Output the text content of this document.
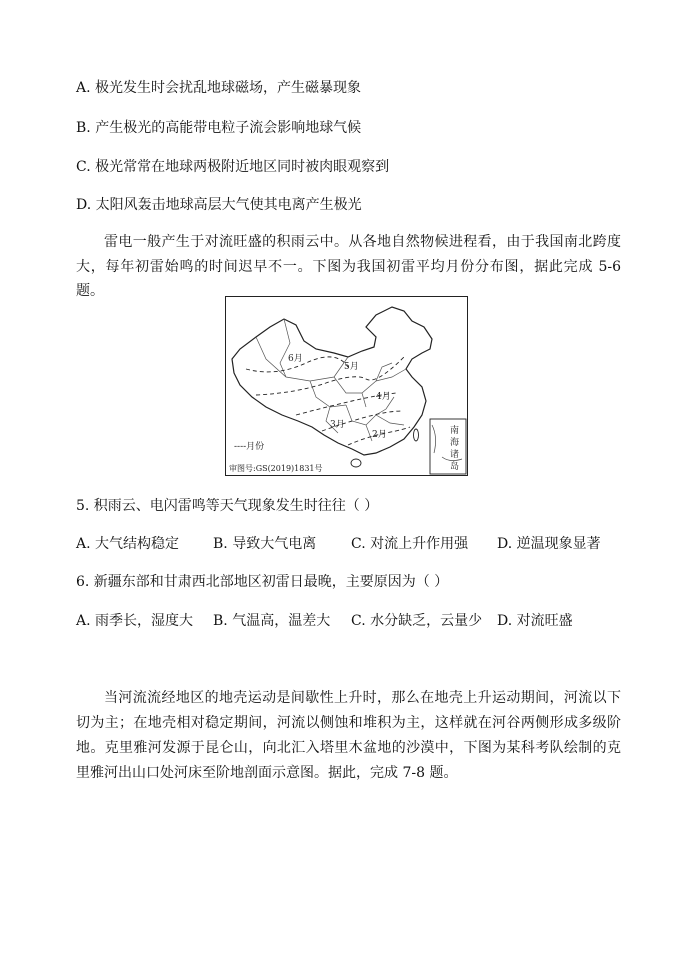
A. 极光发生时会扰乱地球磁场，产生磁暴现象
B. 产生极光的高能带电粒子流会影响地球气候
C. 极光常常在地球两极附近地区同时被肉眼观察到
D. 太阳风轰击地球高层大气使其电离产生极光
雷电一般产生于对流旺盛的积雨云中。从各地自然物候进程看，由于我国南北跨度大，每年初雷始鸣的时间迟早不一。下图为我国初雷平均月份分布图，据此完成 5-6 题。
南
海
诸
岛
6月
5月
4月
3月
2月
----月份
审图号:GS(2019)1831号
5. 积雨云、电闪雷鸣等天气现象发生时往往（ ）
A. 大气结构稳定 B. 导致大气电离 C. 对流上升作用强 D. 逆温现象显著
6. 新疆东部和甘肃西北部地区初雷日最晚，主要原因为（ ）
A. 雨季长，湿度大 B. 气温高，温差大 C. 水分缺乏，云量少 D. 对流旺盛
当河流流经地区的地壳运动是间歇性上升时，那么在地壳上升运动期间，河流以下切为主；在地壳相对稳定期间，河流以侧蚀和堆积为主，这样就在河谷两侧形成多级阶地。克里雅河发源于昆仑山，向北汇入塔里木盆地的沙漠中，下图为某科考队绘制的克里雅河出山口处河床至阶地剖面示意图。据此，完成 7-8 题。
